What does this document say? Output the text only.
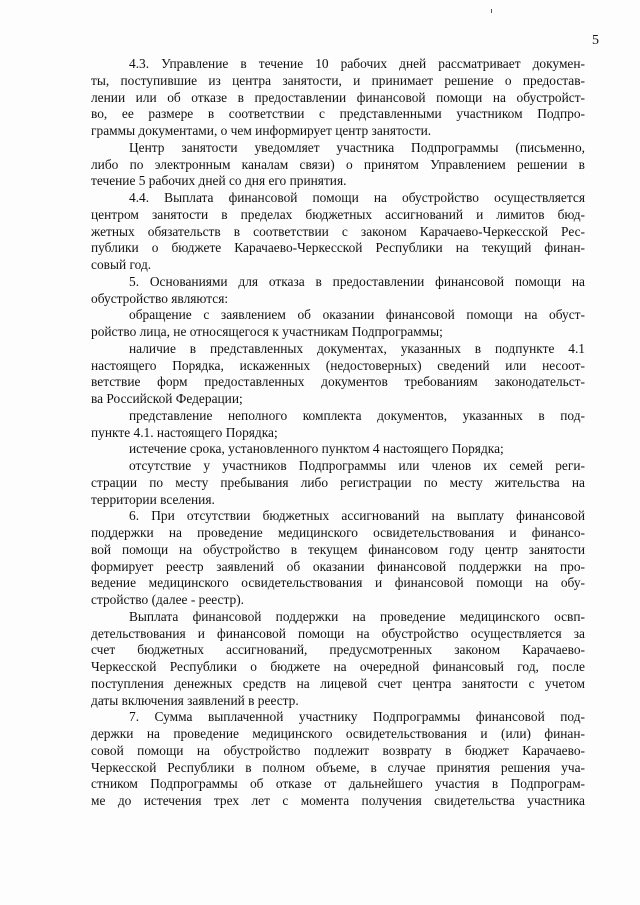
5
4.3. Управление в течение 10 рабочих дней рассматривает докумен-
ты, поступившие из центра занятости, и принимает решение о предостав-
лении или об отказе в предоставлении финансовой помощи на обустройст-
во, ее размере в соответствии с представленными участником Подпро-
граммы документами, о чем информирует центр занятости.
Центр занятости уведомляет участника Подпрограммы (письменно,
либо по электронным каналам связи) о принятом Управлением решении в
течение 5 рабочих дней со дня его принятия.
4.4. Выплата финансовой помощи на обустройство осуществляется
центром занятости в пределах бюджетных ассигнований и лимитов бюд-
жетных обязательств в соответствии с законом Карачаево-Черкесской Рес-
публики о бюджете Карачаево-Черкесской Республики на текущий финан-
совый год.
5. Основаниями для отказа в предоставлении финансовой помощи на
обустройство являются:
обращение с заявлением об оказании финансовой помощи на обуст-
ройство лица, не относящегося к участникам Подпрограммы;
наличие в представленных документах, указанных в подпункте 4.1
настоящего Порядка, искаженных (недостоверных) сведений или несоот-
ветствие форм предоставленных документов требованиям законодательст-
ва Российской Федерации;
представление неполного комплекта документов, указанных в под-
пункте 4.1. настоящего Порядка;
истечение срока, установленного пунктом 4 настоящего Порядка;
отсутствие у участников Подпрограммы или членов их семей реги-
страции по месту пребывания либо регистрации по месту жительства на
территории вселения.
6. При отсутствии бюджетных ассигнований на выплату финансовой
поддержки на проведение медицинского освидетельствования и финансо-
вой помощи на обустройство в текущем финансовом году центр занятости
формирует реестр заявлений об оказании финансовой поддержки на про-
ведение медицинского освидетельствования и финансовой помощи на обу-
стройство (далее - реестр).
Выплата финансовой поддержки на проведение медицинского освп-
детельствования и финансовой помощи на обустройство осуществляется за
счет бюджетных ассигнований, предусмотренных законом Карачаево-
Черкесской Республики о бюджете на очередной финансовый год, после
поступления денежных средств на лицевой счет центра занятости с учетом
даты включения заявлений в реестр.
7. Сумма выплаченной участнику Подпрограммы финансовой под-
держки на проведение медицинского освидетельствования и (или) финан-
совой помощи на обустройство подлежит возврату в бюджет Карачаево-
Черкесской Республики в полном объеме, в случае принятия решения уча-
стником Подпрограммы об отказе от дальнейшего участия в Подпрограм-
ме до истечения трех лет с момента получения свидетельства участника
